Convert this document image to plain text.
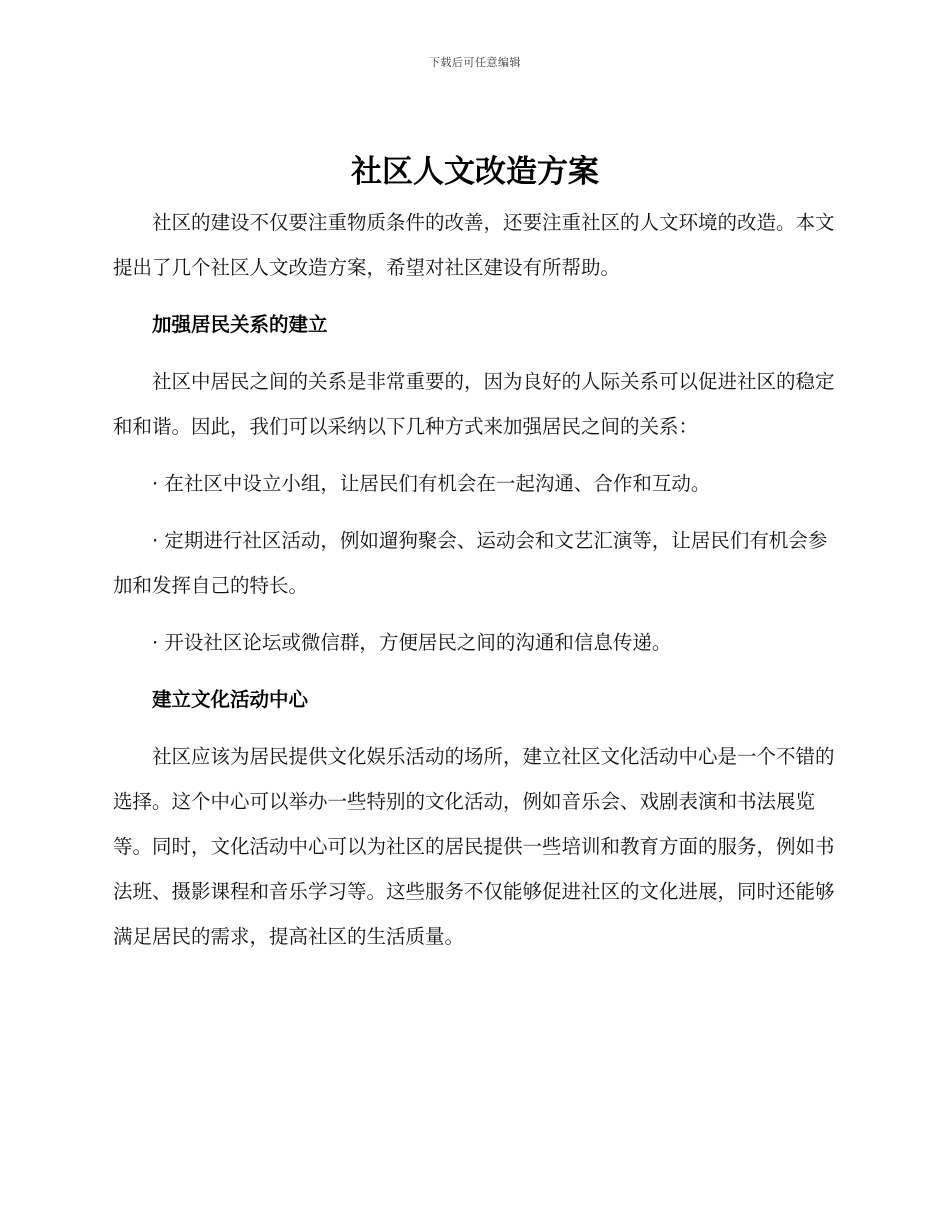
下载后可任意编辑
社区人文改造方案

社区的建设不仅要注重物质条件的改善，还要注重社区的人文环境的改造。本文提出了几个社区人文改造方案，希望对社区建设有所帮助。

加强居民关系的建立

社区中居民之间的关系是非常重要的，因为良好的人际关系可以促进社区的稳定和和谐。因此，我们可以采纳以下几种方式来加强居民之间的关系：

· 在社区中设立小组，让居民们有机会在一起沟通、合作和互动。

· 定期进行社区活动，例如遛狗聚会、运动会和文艺汇演等，让居民们有机会参加和发挥自己的特长。

· 开设社区论坛或微信群，方便居民之间的沟通和信息传递。

建立文化活动中心

社区应该为居民提供文化娱乐活动的场所，建立社区文化活动中心是一个不错的选择。这个中心可以举办一些特别的文化活动，例如音乐会、戏剧表演和书法展览等。同时，文化活动中心可以为社区的居民提供一些培训和教育方面的服务，例如书法班、摄影课程和音乐学习等。这些服务不仅能够促进社区的文化进展，同时还能够满足居民的需求，提高社区的生活质量。
